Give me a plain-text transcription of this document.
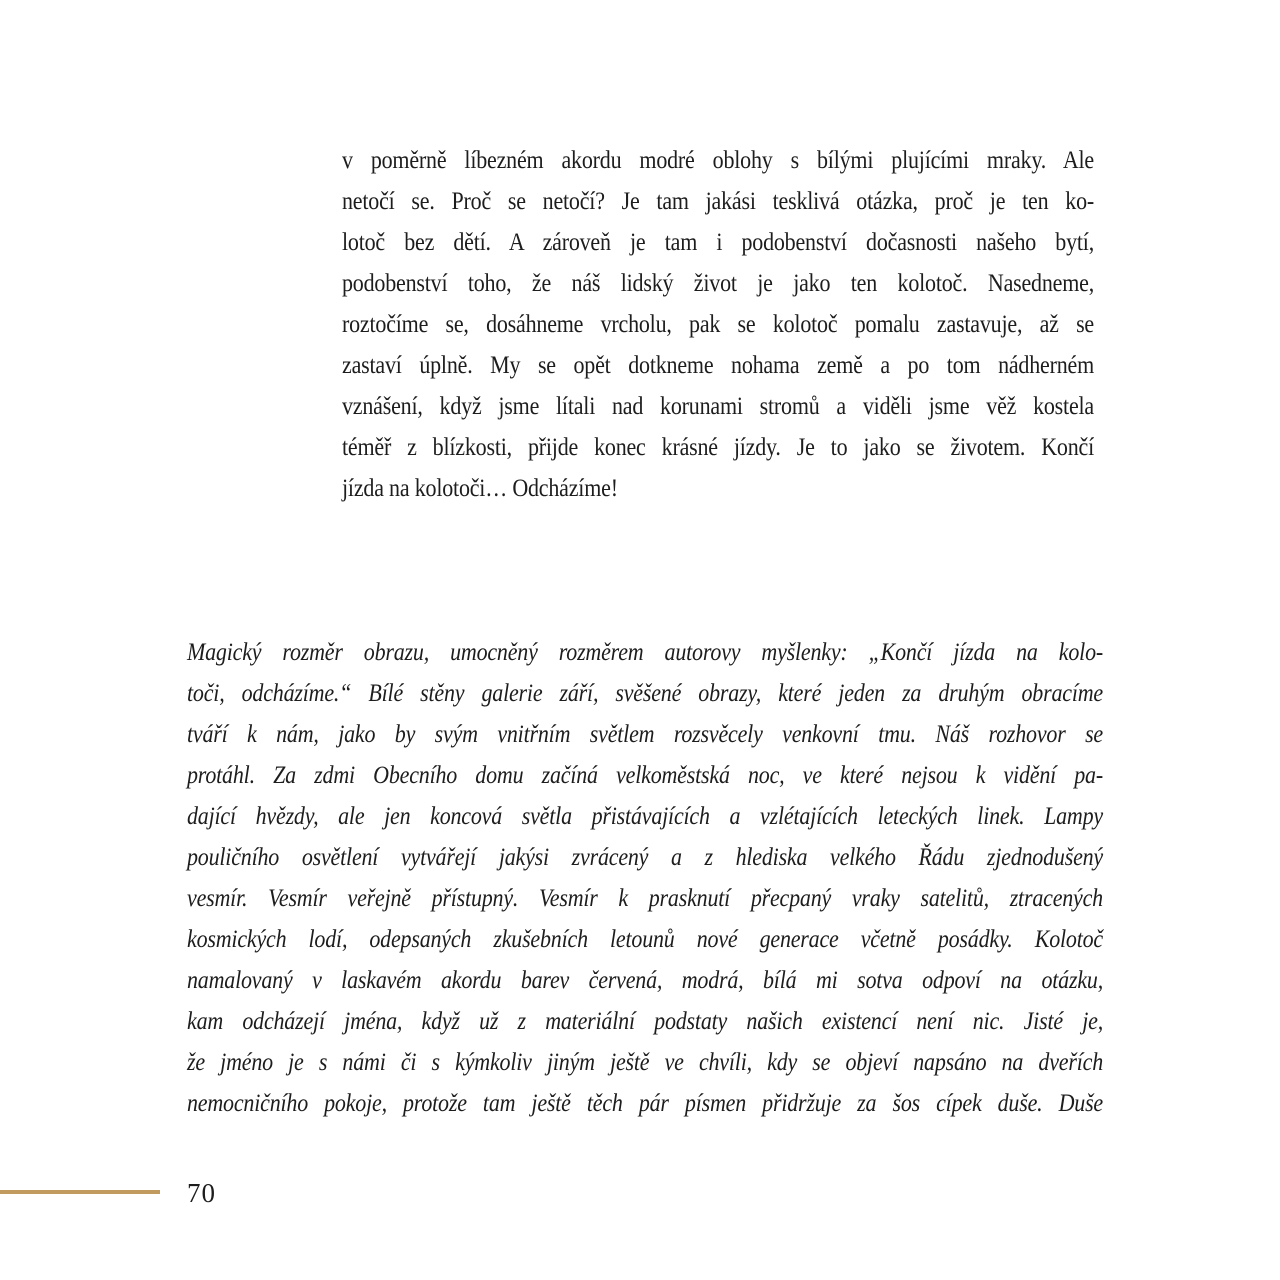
v poměrně líbezném akordu modré oblohy s bílými plujícími mraky. Ale
netočí se. Proč se netočí? Je tam jakási tesklivá otázka, proč je ten ko-
lotoč bez dětí. A zároveň je tam i podobenství dočasnosti našeho bytí,
podobenství toho, že náš lidský život je jako ten kolotoč. Nasedneme,
roztočíme se, dosáhneme vrcholu, pak se kolotoč pomalu zastavuje, až se
zastaví úplně. My se opět dotkneme nohama země a po tom nádherném
vznášení, když jsme lítali nad korunami stromů a viděli jsme věž kostela
téměř z blízkosti, přijde konec krásné jízdy. Je to jako se životem. Končí
jízda na kolotoči… Odcházíme!
Magický rozměr obrazu, umocněný rozměrem autorovy myšlenky: „Končí jízda na kolo-
toči, odcházíme.“ Bílé stěny galerie září, svěšené obrazy, které jeden za druhým obracíme
tváří k nám, jako by svým vnitřním světlem rozsvěcely venkovní tmu. Náš rozhovor se
protáhl. Za zdmi Obecního domu začíná velkoměstská noc, ve které nejsou k vidění pa-
dající hvězdy, ale jen koncová světla přistávajících a vzlétajících leteckých linek. Lampy
pouličního osvětlení vytvářejí jakýsi zvrácený a z hlediska velkého Řádu zjednodušený
vesmír. Vesmír veřejně přístupný. Vesmír k prasknutí přecpaný vraky satelitů, ztracených
kosmických lodí, odepsaných zkušebních letounů nové generace včetně posádky. Kolotoč
namalovaný v laskavém akordu barev červená, modrá, bílá mi sotva odpoví na otázku,
kam odcházejí jména, když už z materiální podstaty našich existencí není nic. Jisté je,
že jméno je s námi či s kýmkoliv jiným ještě ve chvíli, kdy se objeví napsáno na dveřích
nemocničního pokoje, protože tam ještě těch pár písmen přidržuje za šos cípek duše. Duše
70
